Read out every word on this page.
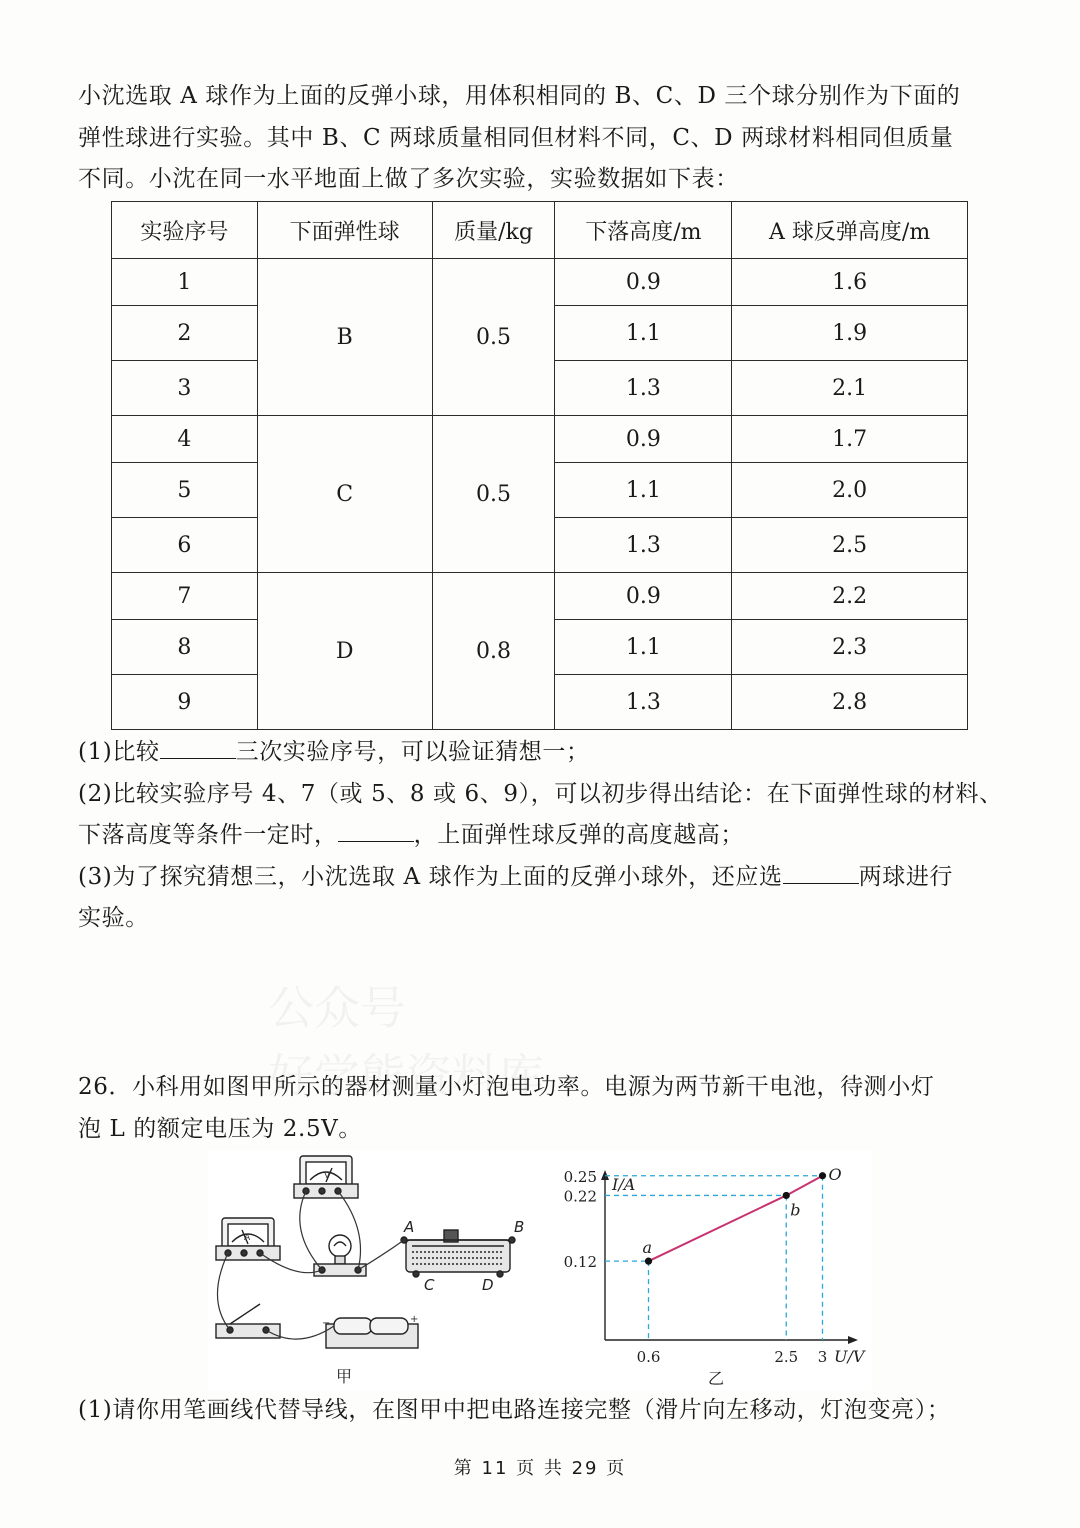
小沈选取 A 球作为上面的反弹小球，用体积相同的 B、C、D 三个球分别作为下面的
弹性球进行实验。其中 B、C 两球质量相同但材料不同，C、D 两球材料相同但质量
不同。小沈在同一水平地面上做了多次实验，实验数据如下表：
实验序号	下面弹性球	质量/kg	下落高度/m	A 球反弹高度/m
1	B	0.5	0.9	1.6
2			1.1	1.9
3			1.3	2.1
4	C	0.5	0.9	1.7
5			1.1	2.0
6			1.3	2.5
7	D	0.8	0.9	2.2
8			1.1	2.3
9			1.3	2.8
(1)比较	三次实验序号，可以验证猜想一；
(2)比较实验序号 4、7（或 5、8 或 6、9），可以初步得出结论：在下面弹性球的材料、
下落高度等条件一定时，	，上面弹性球反弹的高度越高；
(3)为了探究猜想三，小沈选取 A 球作为上面的反弹小球外，还应选	两球进行
实验。
26．小科用如图甲所示的器材测量小灯泡电功率。电源为两节新干电池，待测小灯
泡 L 的额定电压为 2.5V。
V
A
−	+
A	B
C	D
甲
I/A
U/V
a
b
O
0.25
0.22
0.12
0.6	2.5 3
乙
(1)请你用笔画线代替导线，在图甲中把电路连接完整（滑片向左移动，灯泡变亮）；
第 11 页 共 29 页
